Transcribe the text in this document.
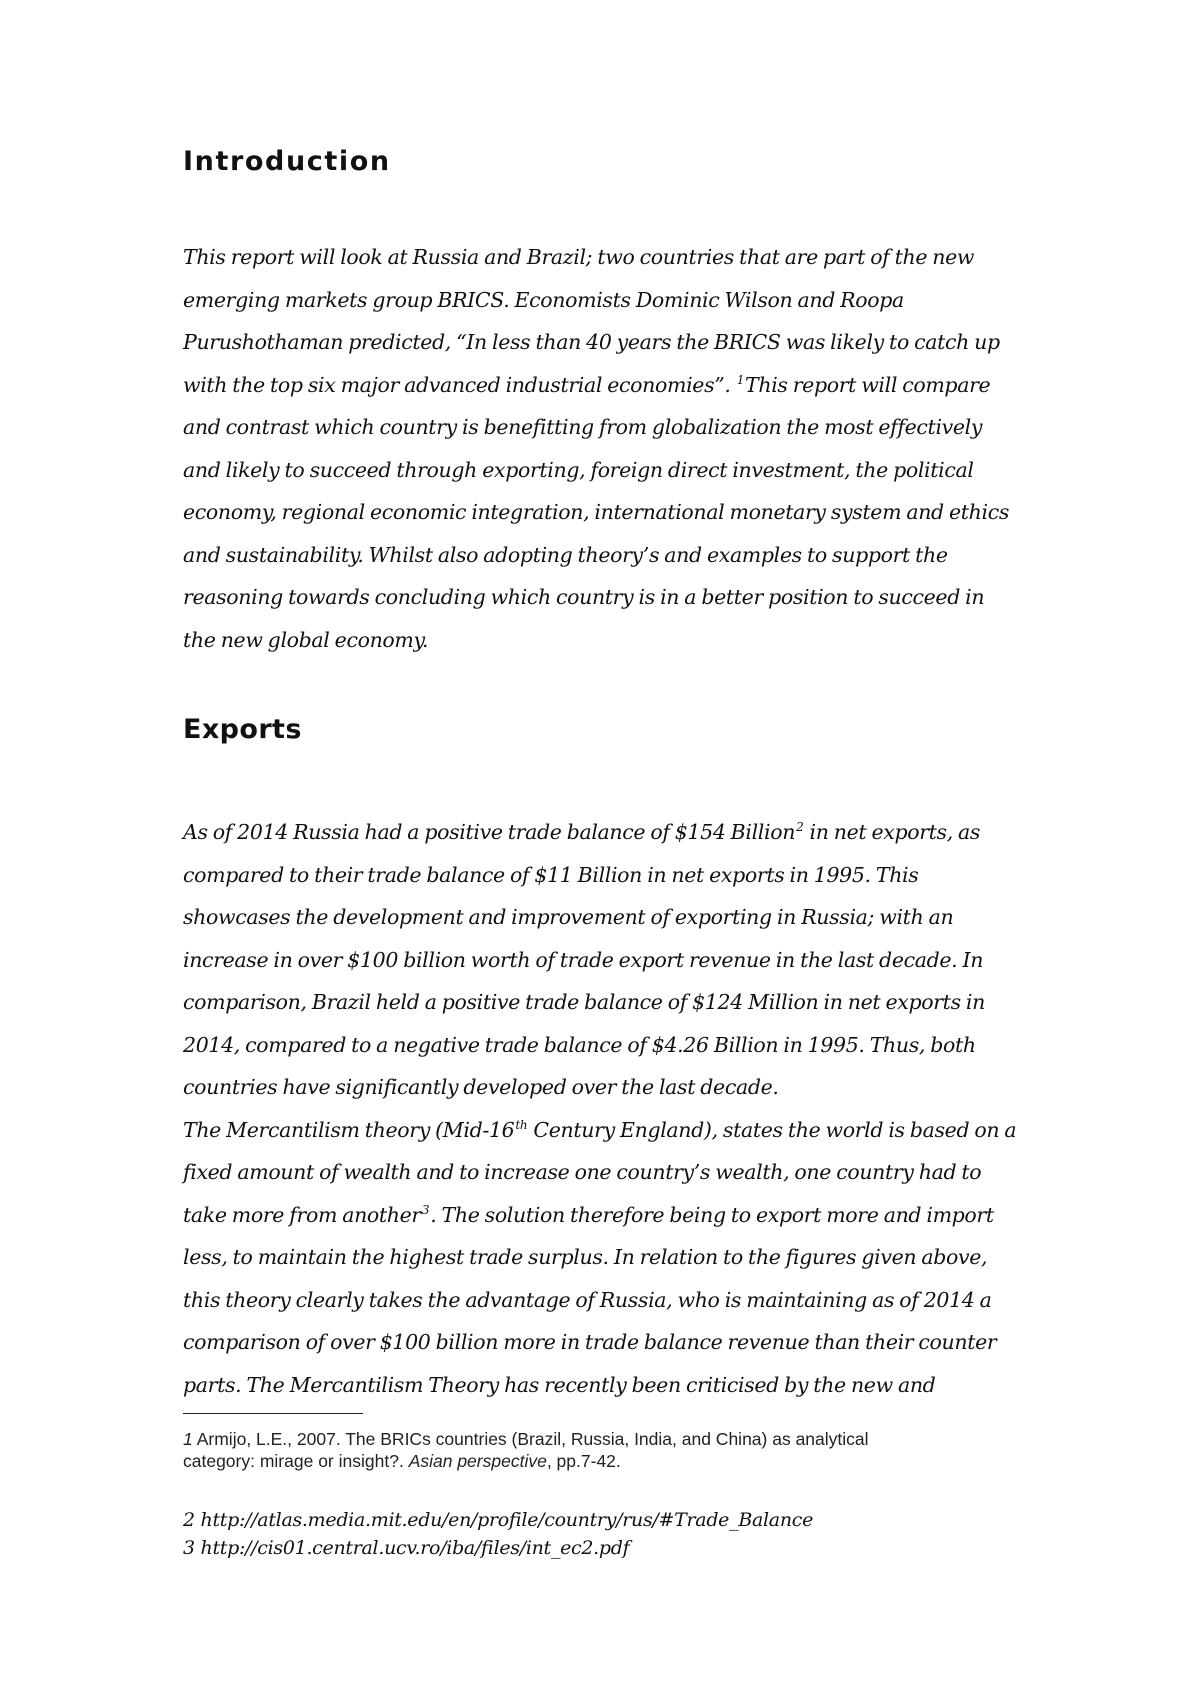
Introduction

This report will look at Russia and Brazil; two countries that are part of the new
emerging markets group BRICS. Economists Dominic Wilson and Roopa
Purushothaman predicted, “In less than 40 years the BRICS was likely to catch up
with the top six major advanced industrial economies”. $^1$This report will compare
and contrast which country is benefitting from globalization the most effectively
and likely to succeed through exporting, foreign direct investment, the political
economy, regional economic integration, international monetary system and ethics
and sustainability. Whilst also adopting theory’s and examples to support the
reasoning towards concluding which country is in a better position to succeed in
the new global economy.

Exports

As of 2014 Russia had a positive trade balance of $154 Billion$^2$ in net exports, as
compared to their trade balance of $11 Billion in net exports in 1995. This
showcases the development and improvement of exporting in Russia; with an
increase in over $100 billion worth of trade export revenue in the last decade. In
comparison, Brazil held a positive trade balance of $124 Million in net exports in
2014, compared to a negative trade balance of $4.26 Billion in 1995. Thus, both
countries have significantly developed over the last decade.
The Mercantilism theory (Mid-16th Century England), states the world is based on a
fixed amount of wealth and to increase one country’s wealth, one country had to
take more from another$^3$. The solution therefore being to export more and import
less, to maintain the highest trade surplus. In relation to the figures given above,
this theory clearly takes the advantage of Russia, who is maintaining as of 2014 a
comparison of over $100 billion more in trade balance revenue than their counter
parts. The Mercantilism Theory has recently been criticised by the new and

1 Armijo, L.E., 2007. The BRICs countries (Brazil, Russia, India, and China) as analytical
category: mirage or insight?. Asian perspective, pp.7-42.

2 http://atlas.media.mit.edu/en/profile/country/rus/#Trade_Balance

3 http://cis01.central.ucv.ro/iba/files/int_ec2.pdf
